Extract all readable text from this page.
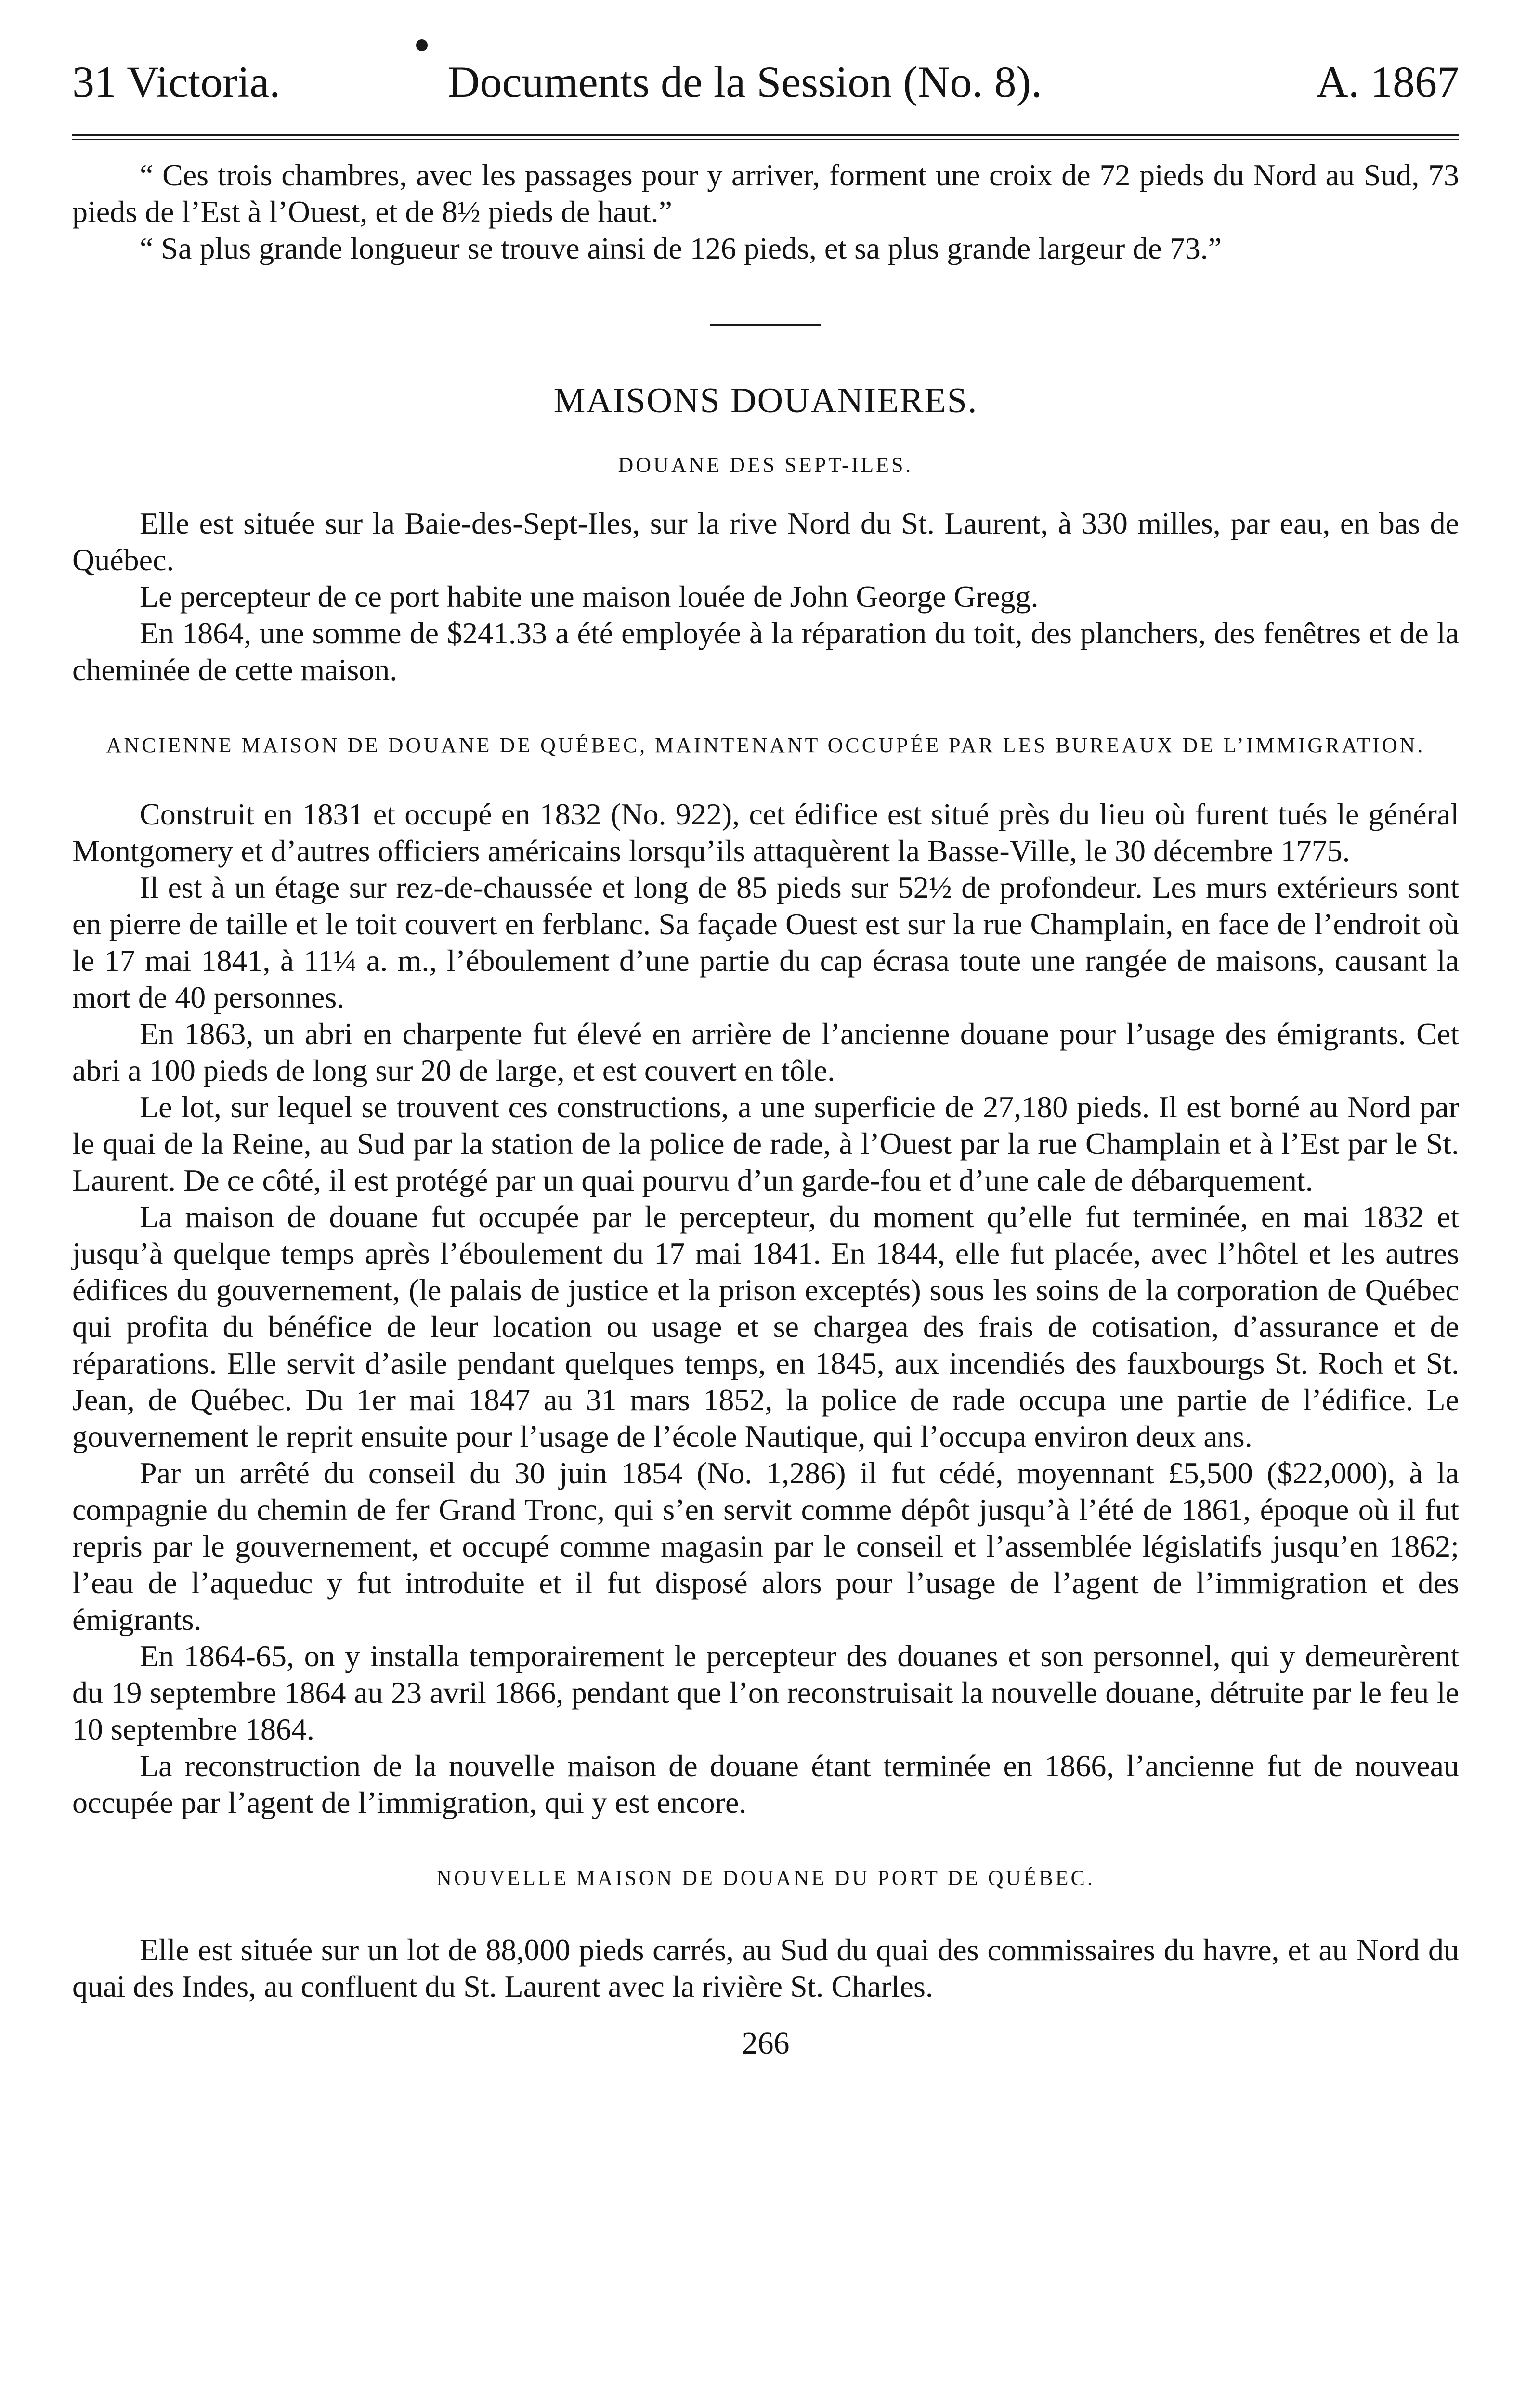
31 Victoria.	Documents de la Session (No. 8).	A. 1867

“ Ces trois chambres, avec les passages pour y arriver, forment une croix de 72 pieds du Nord au Sud, 73 pieds de l’Est à l’Ouest, et de 8½ pieds de haut.”

“ Sa plus grande longueur se trouve ainsi de 126 pieds, et sa plus grande largeur de 73.”

MAISONS DOUANIERES.

DOUANE DES SEPT-ILES.

Elle est située sur la Baie-des-Sept-Iles, sur la rive Nord du St. Laurent, à 330 milles, par eau, en bas de Québec.

Le percepteur de ce port habite une maison louée de John George Gregg.

En 1864, une somme de $241.33 a été employée à la réparation du toit, des planchers, des fenêtres et de la cheminée de cette maison.

ANCIENNE MAISON DE DOUANE DE QUÉBEC, MAINTENANT OCCUPÉE PAR LES BUREAUX DE L’IMMIGRATION.

Construit en 1831 et occupé en 1832 (No. 922), cet édifice est situé près du lieu où furent tués le général Montgomery et d’autres officiers américains lorsqu’ils attaquèrent la Basse-Ville, le 30 décembre 1775.

Il est à un étage sur rez-de-chaussée et long de 85 pieds sur 52½ de profondeur. Les murs extérieurs sont en pierre de taille et le toit couvert en ferblanc. Sa façade Ouest est sur la rue Champlain, en face de l’endroit où le 17 mai 1841, à 11¼ a. m., l’éboulement d’une partie du cap écrasa toute une rangée de maisons, causant la mort de 40 personnes.

En 1863, un abri en charpente fut élevé en arrière de l’ancienne douane pour l’usage des émigrants. Cet abri a 100 pieds de long sur 20 de large, et est couvert en tôle.

Le lot, sur lequel se trouvent ces constructions, a une superficie de 27,180 pieds. Il est borné au Nord par le quai de la Reine, au Sud par la station de la police de rade, à l’Ouest par la rue Champlain et à l’Est par le St. Laurent. De ce côté, il est protégé par un quai pourvu d’un garde-fou et d’une cale de débarquement.

La maison de douane fut occupée par le percepteur, du moment qu’elle fut terminée, en mai 1832 et jusqu’à quelque temps après l’éboulement du 17 mai 1841. En 1844, elle fut placée, avec l’hôtel et les autres édifices du gouvernement, (le palais de justice et la prison exceptés) sous les soins de la corporation de Québec qui profita du bénéfice de leur location ou usage et se chargea des frais de cotisation, d’assurance et de réparations. Elle servit d’asile pendant quelques temps, en 1845, aux incendiés des fauxbourgs St. Roch et St. Jean, de Québec. Du 1er mai 1847 au 31 mars 1852, la police de rade occupa une partie de l’édifice. Le gouvernement le reprit ensuite pour l’usage de l’école Nautique, qui l’occupa environ deux ans.

Par un arrêté du conseil du 30 juin 1854 (No. 1,286) il fut cédé, moyennant £5,500 ($22,000), à la compagnie du chemin de fer Grand Tronc, qui s’en servit comme dépôt jusqu’à l’été de 1861, époque où il fut repris par le gouvernement, et occupé comme magasin par le conseil et l’assemblée législatifs jusqu’en 1862; l’eau de l’aqueduc y fut introduite et il fut disposé alors pour l’usage de l’agent de l’immigration et des émigrants.

En 1864-65, on y installa temporairement le percepteur des douanes et son personnel, qui y demeurèrent du 19 septembre 1864 au 23 avril 1866, pendant que l’on reconstruisait la nouvelle douane, détruite par le feu le 10 septembre 1864.

La reconstruction de la nouvelle maison de douane étant terminée en 1866, l’ancienne fut de nouveau occupée par l’agent de l’immigration, qui y est encore.

NOUVELLE MAISON DE DOUANE DU PORT DE QUÉBEC.

Elle est située sur un lot de 88,000 pieds carrés, au Sud du quai des commissaires du havre, et au Nord du quai des Indes, au confluent du St. Laurent avec la rivière St. Charles.

266
